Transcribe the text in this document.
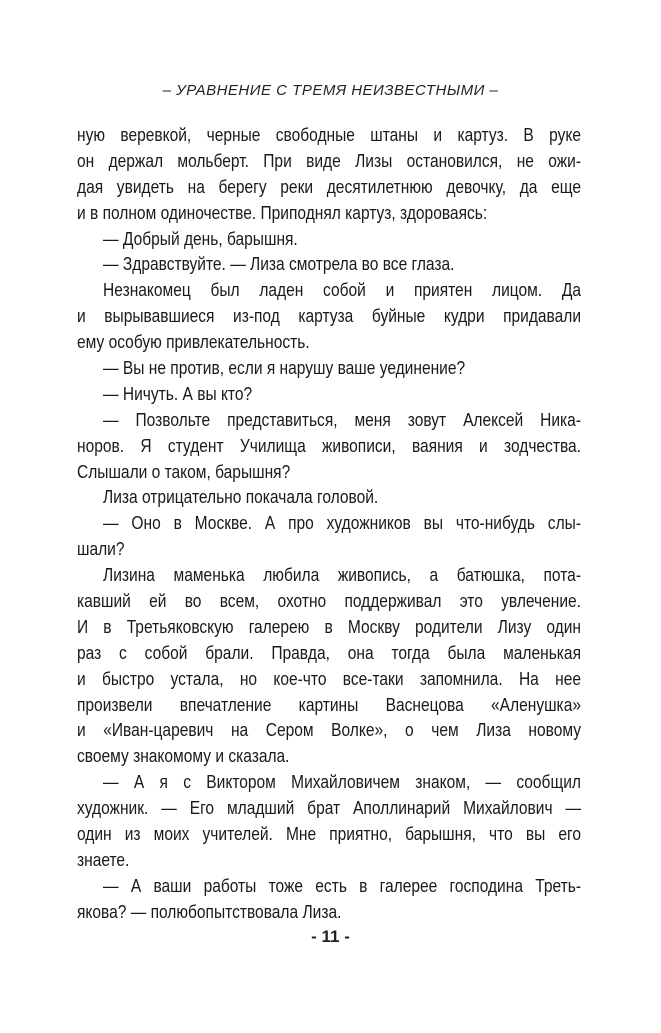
– УРАВНЕНИЕ С ТРЕМЯ НЕИЗВЕСТНЫМИ –
ную веревкой, черные свободные штаны и картуз. В руке
он держал мольберт. При виде Лизы остановился, не ожи-
дая увидеть на берегу реки десятилетнюю девочку, да еще
и в полном одиночестве. Приподнял картуз, здороваясь:
— Добрый день, барышня.
— Здравствуйте. — Лиза смотрела во все глаза.
Незнакомец был ладен собой и приятен лицом. Да
и вырывавшиеся из-под картуза буйные кудри придавали
ему особую привлекательность.
— Вы не против, если я нарушу ваше уединение?
— Ничуть. А вы кто?
— Позвольте представиться, меня зовут Алексей Ника-
норов. Я студент Училища живописи, ваяния и зодчества.
Слышали о таком, барышня?
Лиза отрицательно покачала головой.
— Оно в Москве. А про художников вы что-нибудь слы-
шали?
Лизина маменька любила живопись, а батюшка, пота-
кавший ей во всем, охотно поддерживал это увлечение.
И в Третьяковскую галерею в Москву родители Лизу один
раз с собой брали. Правда, она тогда была маленькая
и быстро устала, но кое-что все-таки запомнила. На нее
произвели впечатление картины Васнецова «Аленушка»
и «Иван-царевич на Сером Волке», о чем Лиза новому
своему знакомому и сказала.
— А я с Виктором Михайловичем знаком, — сообщил
художник. — Его младший брат Аполлинарий Михайлович —
один из моих учителей. Мне приятно, барышня, что вы его
знаете.
— А ваши работы тоже есть в галерее господина Треть-
якова? — полюбопытствовала Лиза.
- 11 -
